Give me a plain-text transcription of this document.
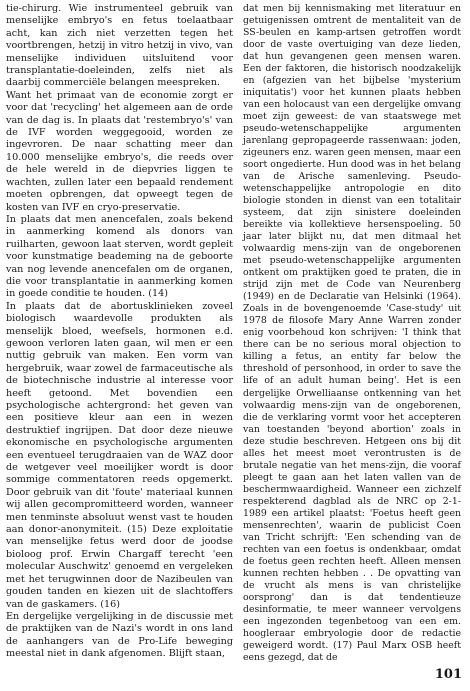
tie-chirurg. Wie instrumenteel gebruik van menselijke embryo's en fetus toelaatbaar acht, kan zich niet verzetten tegen het voortbrengen, hetzij in vitro hetzij in vivo, van menselijke individuen uitsluitend voor transplantatie-doeleinden, zelfs niet als daarbij commerciële belangen meespreken.

Want het primaat van de economie zorgt er voor dat 'recycling' het algemeen aan de orde van de dag is. In plaats dat 'restembryo's' van de IVF worden weggegooid, worden ze ingevroren. De naar schatting meer dan 10.000 menselijke embryo's, die reeds over de hele wereld in de diepvries liggen te wachten, zullen later een bepaald rendement moeten opbrengen, dat opweegt tegen de kosten van IVF en cryo-preservatie.

In plaats dat men anencefalen, zoals bekend in aanmerking komend als donors van ruilharten, gewoon laat sterven, wordt gepleit voor kunstmatige beademing na de geboorte van nog levende anencefalen om de organen, die voor transplantatie in aanmerking komen in goede conditie te houden. (14)

In plaats dat de abortusklinieken zoveel biologisch waardevolle produkten als menselijk bloed, weefsels, hormonen e.d. gewoon verloren laten gaan, wil men er een nuttig gebruik van maken. Een vorm van hergebruik, waar zowel de farmaceutische als de biotechnische industrie al interesse voor heeft getoond. Met bovendien een psychologische achtergrond: het geven van een positieve kleur aan een in wezen destruktief ingrijpen. Dat door deze nieuwe ekonomische en psychologische argumenten een eventueel terugdraaien van de WAZ door de wetgever veel moeilijker wordt is door sommige commentatoren reeds opgemerkt. Door gebruik van dit 'foute' materiaal kunnen wij allen gecompromitteerd worden, wanneer men tenminste absoluut wenst vast te houden aan donor-anonymiteit. (15) Deze exploitatie van menselijke fetus werd door de joodse bioloog prof. Erwin Chargaff terecht 'een molecular Auschwitz' genoemd en vergeleken met het terugwinnen door de Nazibeulen van gouden tanden en kiezen uit de slachtoffers van de gaskamers. (16)

En dergelijke vergelijking in de discussie met de praktijken van de Nazi's wordt in ons land de aanhangers van de Pro-Life beweging meestal niet in dank afgenomen. Blijft staan,

dat men bij kennismaking met literatuur en getuigenissen omtrent de mentaliteit van de SS-beulen en kamp-artsen getroffen wordt door de vaste overtuiging van deze lieden, dat hun gevangenen geen mensen waren. Een der faktoren, die historisch noodzakelijk en (afgezien van het bijbelse 'mysterium iniquitatis') voor het kunnen plaats hebben van een holocaust van een dergelijke omvang moet zijn geweest: de van staatswege met pseudo-wetenschappelijke argumenten jarenlang gepropageerde rassenwaan: joden, zigeuners enz. waren geen mensen, maar een soort ongediertе. Hun dood was in het belang van de Arische samenleving. Pseudo-wetenschappelijke antropologie en dito biologie stonden in dienst van een totalitair systeem, dat zijn sinistere doeleinden bereikte via kollektieve hersenspoeling. 50 jaar later blijkt nu, dat men ditmaal het volwaardig mens-zijn van de ongeborenen met pseudo-wetenschappelijke argumenten ontkent om praktijken goed te praten, die in strijd zijn met de Code van Neurenberg (1949) en de Declaratie van Helsinki (1964). Zoals in de bovengenoemde 'Case-study' uit 1978 de filosofe Mary Anne Warren zonder enig voorbehoud kon schrijven: 'I think that there can be no serious moral objection to killing a fetus, an entity far below the threshold of personhood, in order to save the life of an adult human being'. Het is een dergelijke Orwelliaanse ontkenning van het volwaardig mens-zijn van de ongeborenen, die de verklaring vormt voor het accepteren van toestanden 'beyond abortion' zoals in deze studie beschreven. Hetgeen ons bij dit alles het meest moet verontrusten is de brutale negatie van het mens-zijn, die vooraf pleegt te gaan aan het laten vallen van de beschermwaardigheid. Wanneer een zichzelf respekterend dagblad als de NRC op 2-1-1989 een artikel plaatst: 'Foetus heeft geen mensenrechten', waarin de publicist Coen van Tricht schrijft: 'Een schending van de rechten van een foetus is ondenkbaar, omdat de foetus geen rechten heeft. Alleen mensen kunnen rechten hebben . . De opvatting van de vrucht als mens is van christelijke oorsprong' dan is dat tendentieuze desinformatie, te meer wanneer vervolgens een ingezonden tegenbetoog van een em. hoogleraar embryologie door de redactie geweigerd wordt. (17) Paul Marx OSB heeft eens gezegd, dat de

101
